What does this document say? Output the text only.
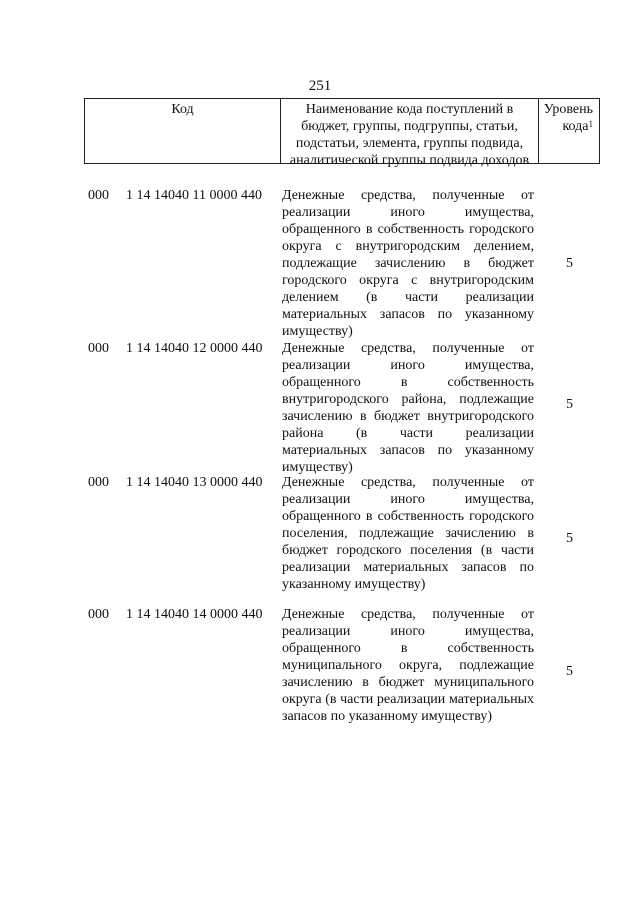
251
Код	Наименование кода поступлений в бюджет, группы, подгруппы, статьи, подстатьи, элемента, группы подвида, аналитической группы подвида доходов
Уровень кода$^1$
000 1 14 14040 11 0000 440 Денежные средства, полученные от реализации иного имущества, обращенного в собственность городского округа с внутригородским делением, подлежащие зачислению в бюджет городского округа с внутригородским делением (в части реализации материальных запасов по указанному имуществу)
5
000 1 14 14040 12 0000 440 Денежные средства, полученные от реализации иного имущества, обращенного в собственность внутригородского района, подлежащие зачислению в бюджет внутригородского района (в части реализации материальных запасов по указанному имуществу)
5
000 1 14 14040 13 0000 440 Денежные средства, полученные от реализации иного имущества, обращенного в собственность городского поселения, подлежащие зачислению в бюджет городского поселения (в части реализации материальных запасов по указанному имуществу)
5
000 1 14 14040 14 0000 440 Денежные средства, полученные от реализации иного имущества, обращенного в собственность муниципального округа, подлежащие зачислению в бюджет муниципального округа (в части реализации материальных запасов по указанному имуществу)
5
